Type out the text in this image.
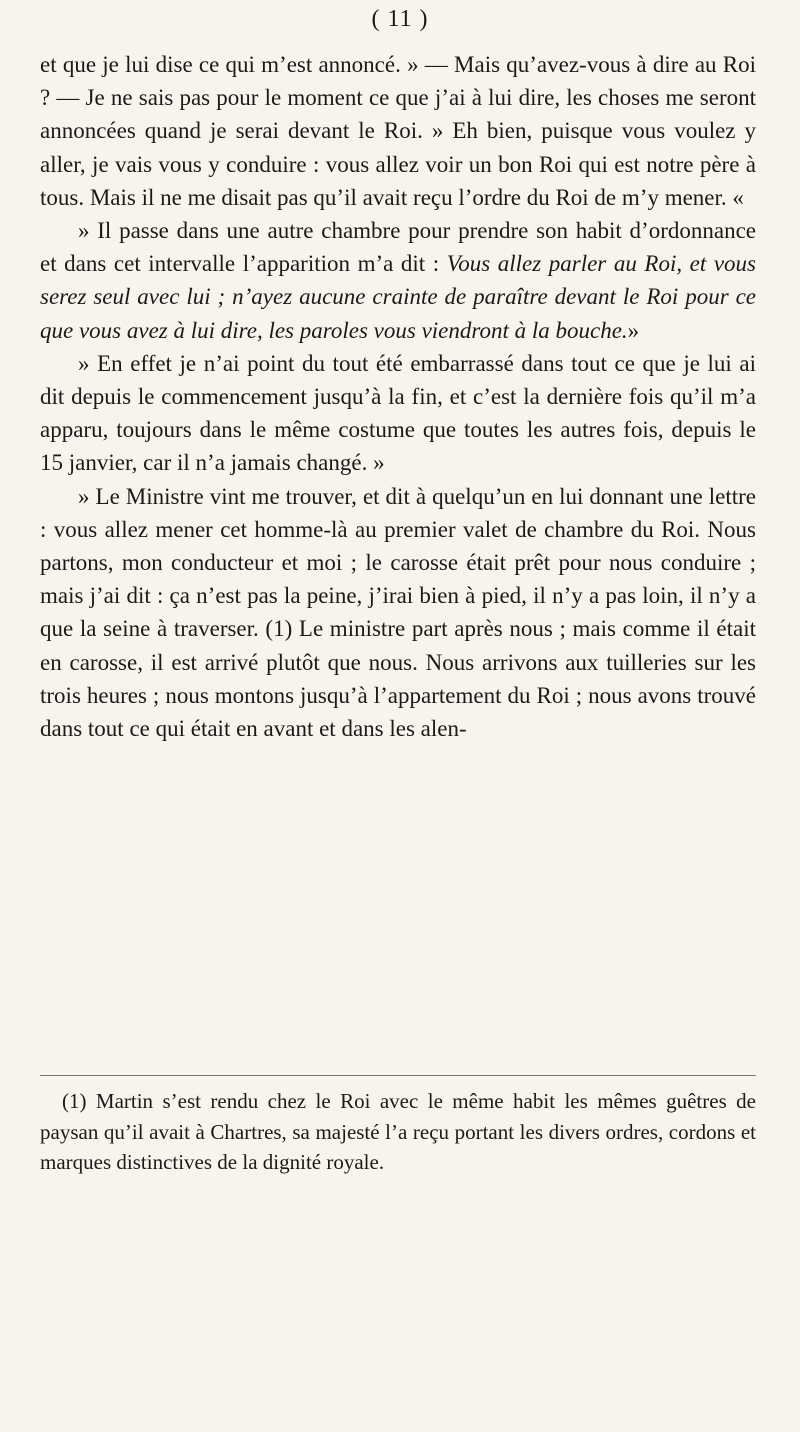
( 11 )

et que je lui dise ce qui m’est annoncé. » — Mais qu’avez-vous à dire au Roi ? — Je ne sais pas pour le moment ce que j’ai à lui dire, les choses me seront annoncées quand je serai devant le Roi. » Eh bien, puisque vous voulez y aller, je vais vous y conduire : vous allez voir un bon Roi qui est notre père à tous. Mais il ne me disait pas qu’il avait reçu l’ordre du Roi de m’y mener. «

» Il passe dans une autre chambre pour prendre son habit d’ordonnance et dans cet intervalle l’apparition m’a dit : Vous allez parler au Roi, et vous serez seul avec lui ; n’ayez aucune crainte de paraître devant le Roi pour ce que vous avez à lui dire, les paroles vous viendront à la bouche.»

» En effet je n’ai point du tout été embarrassé dans tout ce que je lui ai dit depuis le commencement jusqu’à la fin, et c’est la dernière fois qu’il m’a apparu, toujours dans le même costume que toutes les autres fois, depuis le 15 janvier, car il n’a jamais changé. »

» Le Ministre vint me trouver, et dit à quelqu’un en lui donnant une lettre : vous allez mener cet homme-là au premier valet de chambre du Roi. Nous partons, mon conducteur et moi ; le carosse était prêt pour nous conduire ; mais j’ai dit : ça n’est pas la peine, j’irai bien à pied, il n’y a pas loin, il n’y a que la seine à traverser. (1) Le ministre part après nous ; mais comme il était en carosse, il est arrivé plutôt que nous. Nous arrivons aux tuilleries sur les trois heures ; nous montons jusqu’à l’appartement du Roi ; nous avons trouvé dans tout ce qui était en avant et dans les alen-

(1) Martin s’est rendu chez le Roi avec le même habit les mêmes guêtres de paysan qu’il avait à Chartres, sa majesté l’a reçu portant les divers ordres, cordons et marques distinctives de la dignité royale.
